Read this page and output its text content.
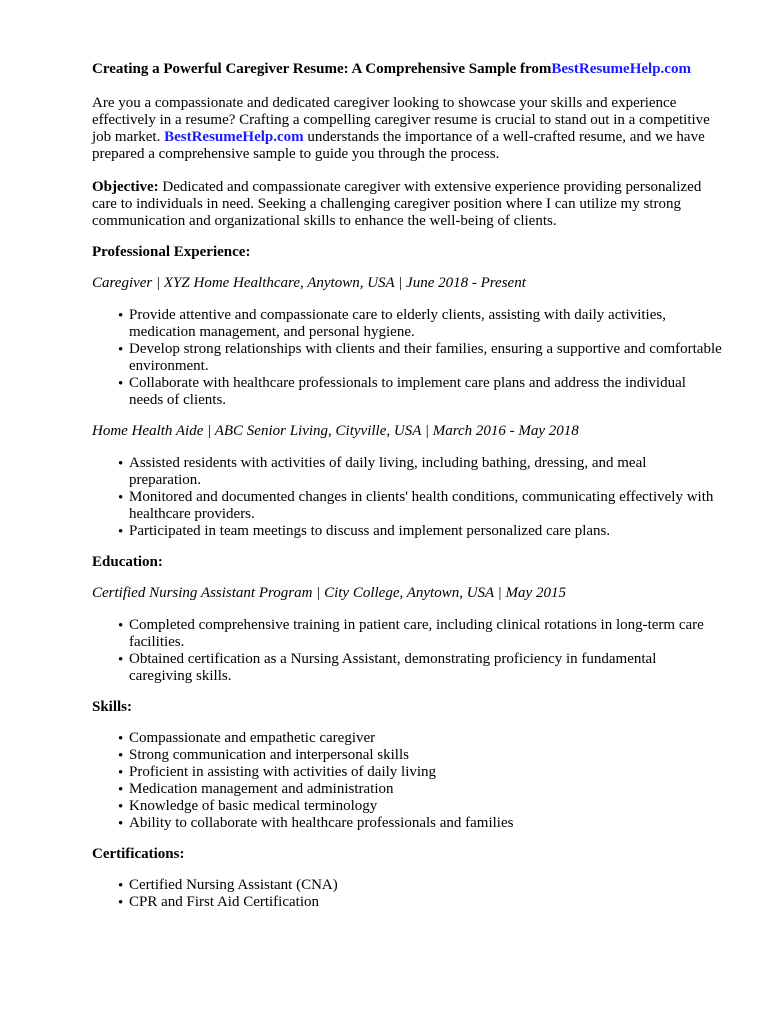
Creating a Powerful Caregiver Resume: A Comprehensive Sample fromBestResumeHelp.com

Are you a compassionate and dedicated caregiver looking to showcase your skills and experience effectively in a resume? Crafting a compelling caregiver resume is crucial to stand out in a competitive job market. BestResumeHelp.com understands the importance of a well-crafted resume, and we have prepared a comprehensive sample to guide you through the process.

Objective: Dedicated and compassionate caregiver with extensive experience providing personalized care to individuals in need. Seeking a challenging caregiver position where I can utilize my strong communication and organizational skills to enhance the well-being of clients.

Professional Experience:
Caregiver | XYZ Home Healthcare, Anytown, USA | June 2018 - Present
• Provide attentive and compassionate care to elderly clients, assisting with daily activities, medication management, and personal hygiene.
• Develop strong relationships with clients and their families, ensuring a supportive and comfortable environment.
• Collaborate with healthcare professionals to implement care plans and address the individual needs of clients.
Home Health Aide | ABC Senior Living, Cityville, USA | March 2016 - May 2018
• Assisted residents with activities of daily living, including bathing, dressing, and meal preparation.
• Monitored and documented changes in clients' health conditions, communicating effectively with healthcare providers.
• Participated in team meetings to discuss and implement personalized care plans.
Education:
Certified Nursing Assistant Program | City College, Anytown, USA | May 2015
• Completed comprehensive training in patient care, including clinical rotations in long-term care facilities.
• Obtained certification as a Nursing Assistant, demonstrating proficiency in fundamental caregiving skills.
Skills:
• Compassionate and empathetic caregiver
• Strong communication and interpersonal skills
• Proficient in assisting with activities of daily living
• Medication management and administration
• Knowledge of basic medical terminology
• Ability to collaborate with healthcare professionals and families
Certifications:
• Certified Nursing Assistant (CNA)
• CPR and First Aid Certification
